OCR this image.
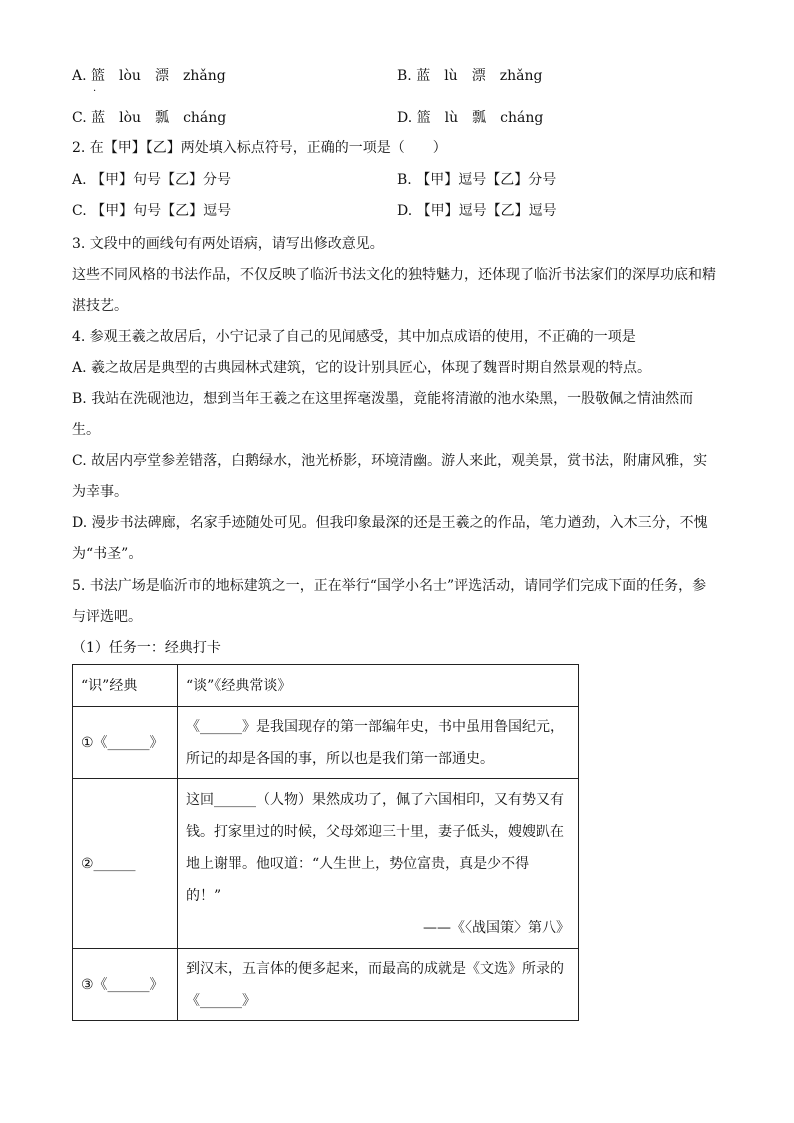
A. 篮
·
lòu 漂 zhǎng	B. 蓝 lù 漂 zhǎng
C. 蓝 lòu 瓢 cháng	D. 篮 lù 瓢 cháng
2. 在【甲】【乙】两处填入标点符号，正确的一项是（　　）
A. 【甲】句号【乙】分号	B. 【甲】逗号【乙】分号
C. 【甲】句号【乙】逗号	D. 【甲】逗号【乙】逗号
3. 文段中的画线句有两处语病，请写出修改意见。
这些不同风格的书法作品，不仅反映了临沂书法文化的独特魅力，还体现了临沂书法家们的深厚功底和精
湛技艺。
4. 参观王羲之故居后，小宁记录了自己的见闻感受，其中加点成语的使用，不正确的一项是
A. 羲之故居是典型的古典园林式建筑，它的设计别具匠心，体现了魏晋时期自然景观的特点。
B. 我站在洗砚池边，想到当年王羲之在这里挥毫泼墨，竟能将清澈的池水染黑，一股敬佩之情油然而
生。
C. 故居内亭堂参差错落，白鹅绿水，池光桥影，环境清幽。游人来此，观美景，赏书法，附庸风雅，实
为幸事。
D. 漫步书法碑廊，名家手迹随处可见。但我印象最深的还是王羲之的作品，笔力遒劲，入木三分，不愧
为“书圣”。
5. 书法广场是临沂市的地标建筑之一，正在举行“国学小名士”评选活动，请同学们完成下面的任务，参
与评选吧。
（1）任务一：经典打卡
“识”经典	“谈”《经典常谈》
①《______》	《______》是我国现存的第一部编年史，书中虽用鲁国纪元，
所记的却是各国的事，所以也是我们第一部通史。

②______	这回______（人物）果然成功了，佩了六国相印，又有势又有
钱。打家里过的时候，父母郊迎三十里，妻子低头，嫂嫂趴在
地上谢罪。他叹道：“人生世上，势位富贵，真是少不得
的！”
——《〈战国策〉第八》

③《______》	到汉末，五言体的便多起来，而最高的成就是《文选》所录的
《______》
